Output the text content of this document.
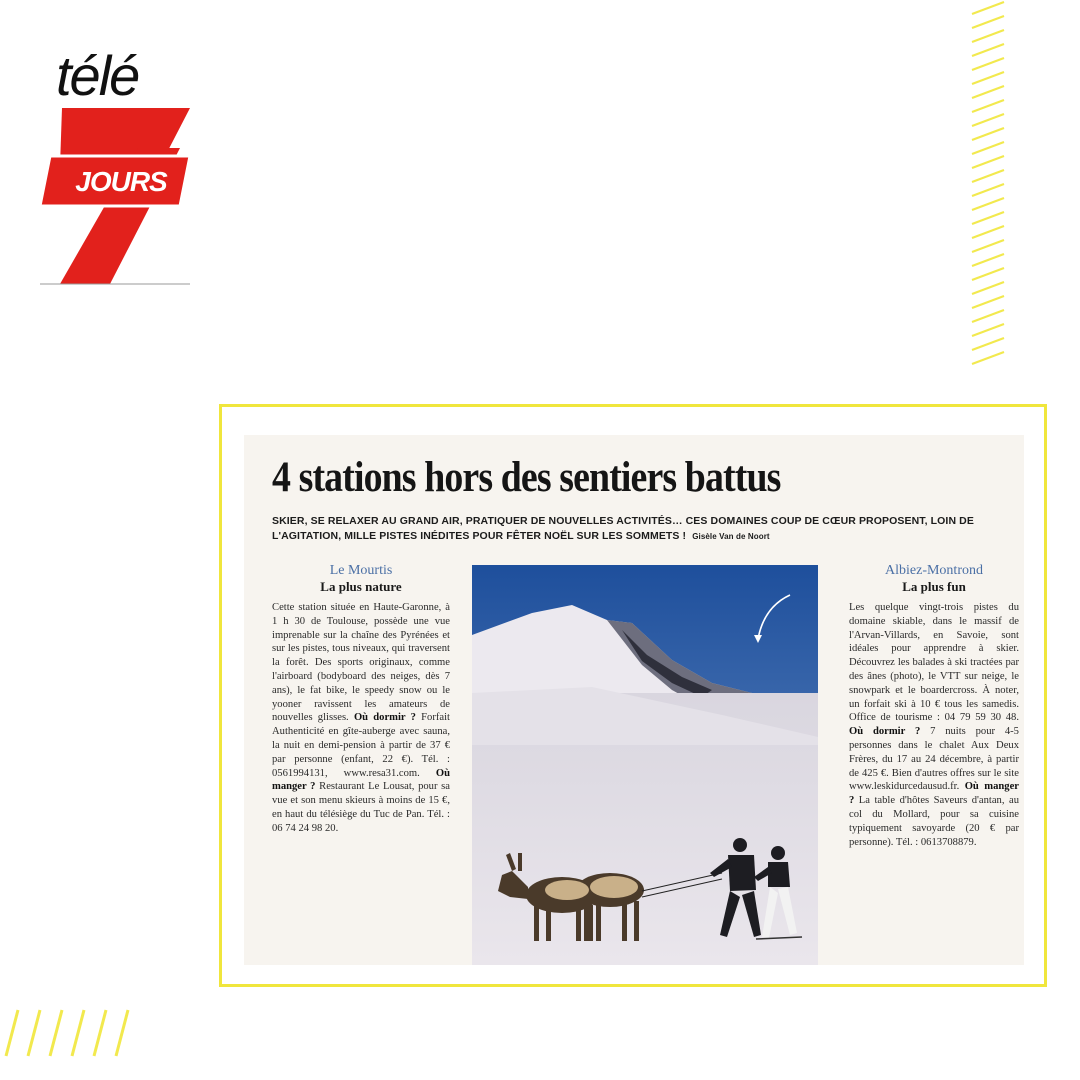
télé
JOURS
4 stations hors des sentiers battus
SKIER, SE RELAXER AU GRAND AIR, PRATIQUER DE NOUVELLES ACTIVITÉS… CES DOMAINES COUP DE CŒUR PROPOSENT, LOIN DE L'AGITATION, MILLE PISTES INÉDITES POUR FÊTER NOËL SUR LES SOMMETS ! Gisèle Van de Noort
Le Mourtis
La plus nature

Cette station située en Haute-Garonne, à 1 h 30 de Toulouse, possède une vue imprenable sur la chaîne des Pyrénées et sur les pistes, tous niveaux, qui traversent la forêt. Des sports originaux, comme l'airboard (bodyboard des neiges, dès 7 ans), le fat bike, le speedy snow ou le yooner ravissent les amateurs de nouvelles glisses. Où dormir ? Forfait Authenticité en gîte-auberge avec sauna, la nuit en demi-pension à partir de 37 € par personne (enfant, 22 €). Tél. : 0561994131, www.resa31.com. Où manger ? Restaurant Le Lousat, pour sa vue et son menu skieurs à moins de 15 €, en haut du télésiège du Tuc de Pan. Tél. : 06 74 24 98 20.

Albiez-Montrond
La plus fun

Les quelque vingt-trois pistes du domaine skiable, dans le massif de l'Arvan-Villards, en Savoie, sont idéales pour apprendre à skier. Découvrez les balades à ski tractées par des ânes (photo), le VTT sur neige, le snowpark et le boardercross. À noter, un forfait ski à 10 € tous les samedis. Office de tourisme : 04 79 59 30 48. Où dormir ? 7 nuits pour 4-5 personnes dans le chalet Aux Deux Frères, du 17 au 24 décembre, à partir de 425 €. Bien d'autres offres sur le site www.leskidurcedausud.fr. Où manger ? La table d'hôtes Saveurs d'antan, au col du Mollard, pour sa cuisine typiquement savoyarde (20 € par personne). Tél. : 0613708879.
